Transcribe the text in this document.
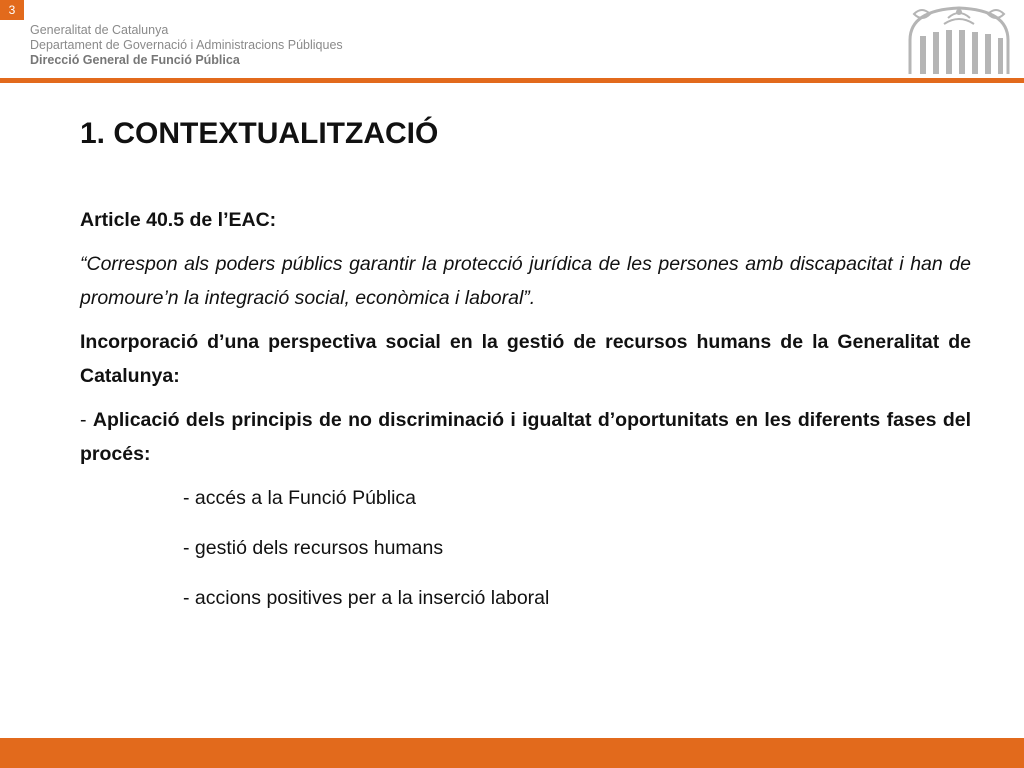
3
Generalitat de Catalunya
Departament de Governació i Administracions Públiques
Direcció General de Funció Pública
1. CONTEXTUALITZACIÓ

Article 40.5 de l’EAC:

“Correspon als poders públics garantir la protecció jurídica de les persones amb discapacitat i han de promoure’n la integració social, econòmica i laboral”.

Incorporació d’una perspectiva social en la gestió de recursos humans de la Generalitat de Catalunya:

- Aplicació dels principis de no discriminació i igualtat d’oportunitats en les diferents fases del procés:

- accés a la Funció Pública

- gestió dels recursos humans

- accions positives per a la inserció laboral
